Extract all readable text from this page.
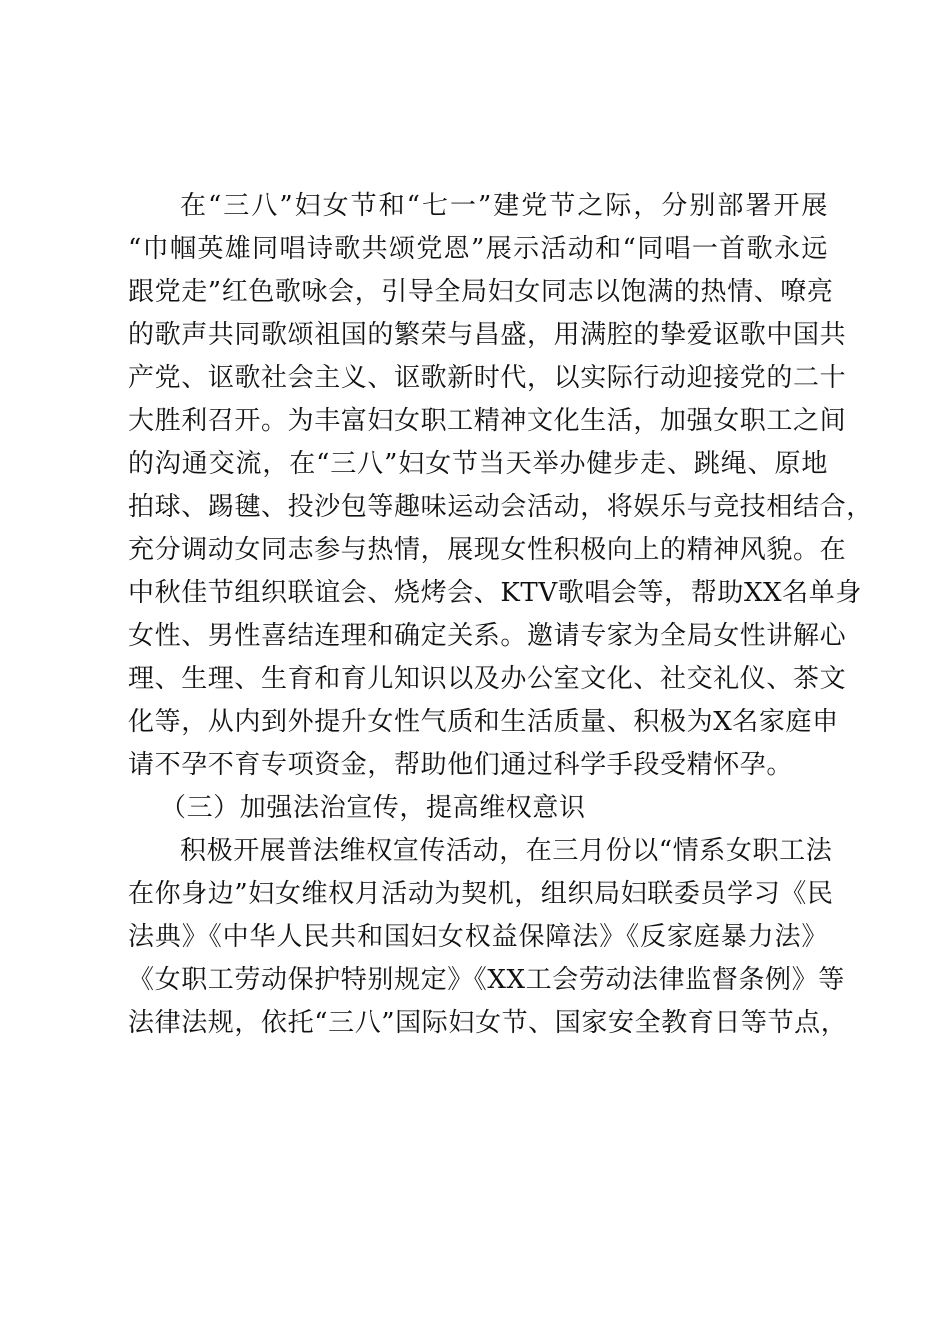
在“三八”妇女节和“七一”建党节之际，分别部署开展
“巾帼英雄同唱诗歌共颂党恩”展示活动和“同唱一首歌永远
跟党走”红色歌咏会，引导全局妇女同志以饱满的热情、嘹亮
的歌声共同歌颂祖国的繁荣与昌盛，用满腔的挚爱讴歌中国共
产党、讴歌社会主义、讴歌新时代，以实际行动迎接党的二十
大胜利召开。为丰富妇女职工精神文化生活，加强女职工之间
的沟通交流，在“三八”妇女节当天举办健步走、跳绳、原地
拍球、踢毽、投沙包等趣味运动会活动，将娱乐与竞技相结合，
充分调动女同志参与热情，展现女性积极向上的精神风貌。在
中秋佳节组织联谊会、烧烤会、KTV歌唱会等，帮助XX名单身
女性、男性喜结连理和确定关系。邀请专家为全局女性讲解心
理、生理、生育和育儿知识以及办公室文化、社交礼仪、茶文
化等，从内到外提升女性气质和生活质量、积极为X名家庭申
请不孕不育专项资金，帮助他们通过科学手段受精怀孕。
（三）加强法治宣传，提高维权意识
积极开展普法维权宣传活动，在三月份以“情系女职工法
在你身边”妇女维权月活动为契机，组织局妇联委员学习《民
法典》《中华人民共和国妇女权益保障法》《反家庭暴力法》
《女职工劳动保护特别规定》《XX工会劳动法律监督条例》等
法律法规，依托“三八”国际妇女节、国家安全教育日等节点，
